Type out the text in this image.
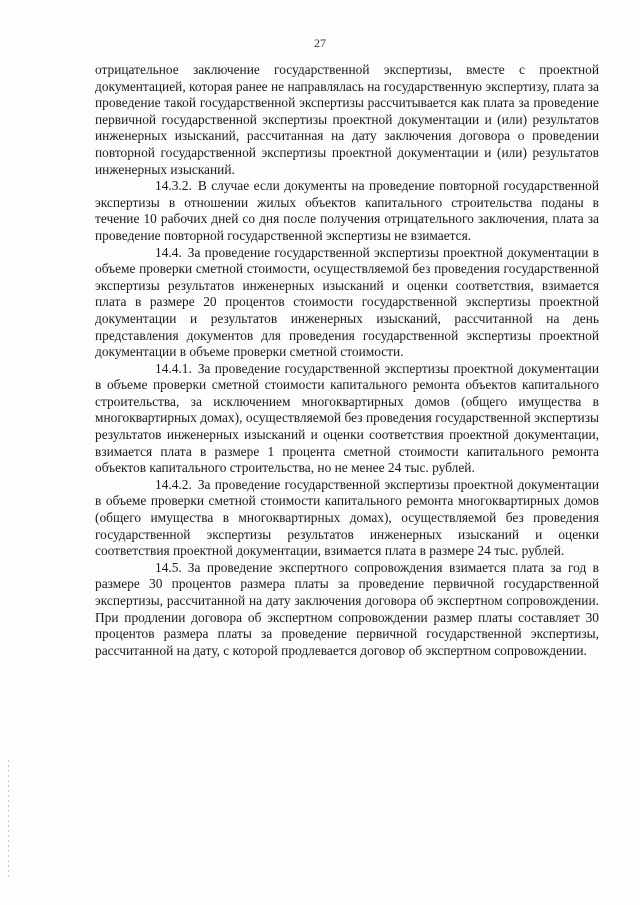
27

отрицательное заключение государственной экспертизы, вместе с проектной документацией, которая ранее не направлялась на государственную экспертизу, плата за проведение такой государственной экспертизы рассчитывается как плата за проведение первичной государственной экспертизы проектной документации и (или) результатов инженерных изысканий, рассчитанная на дату заключения договора о проведении повторной государственной экспертизы проектной документации и (или) результатов инженерных изысканий.

14.3.2. В случае если документы на проведение повторной государственной экспертизы в отношении жилых объектов капитального строительства поданы в течение 10 рабочих дней со дня после получения отрицательного заключения, плата за проведение повторной государственной экспертизы не взимается.

14.4. За проведение государственной экспертизы проектной документации в объеме проверки сметной стоимости, осуществляемой без проведения государственной экспертизы результатов инженерных изысканий и оценки соответствия, взимается плата в размере 20 процентов стоимости государственной экспертизы проектной документации и результатов инженерных изысканий, рассчитанной на день представления документов для проведения государственной экспертизы проектной документации в объеме проверки сметной стоимости.

14.4.1. За проведение государственной экспертизы проектной документации в объеме проверки сметной стоимости капитального ремонта объектов капитального строительства, за исключением многоквартирных домов (общего имущества в многоквартирных домах), осуществляемой без проведения государственной экспертизы результатов инженерных изысканий и оценки соответствия проектной документации, взимается плата в размере 1 процента сметной стоимости капитального ремонта объектов капитального строительства, но не менее 24 тыс. рублей.

14.4.2. За проведение государственной экспертизы проектной документации в объеме проверки сметной стоимости капитального ремонта многоквартирных домов (общего имущества в многоквартирных домах), осуществляемой без проведения государственной экспертизы результатов инженерных изысканий и оценки соответствия проектной документации, взимается плата в размере 24 тыс. рублей.

14.5. За проведение экспертного сопровождения взимается плата за год в размере 30 процентов размера платы за проведение первичной государственной экспертизы, рассчитанной на дату заключения договора об экспертном сопровождении. При продлении договора об экспертном сопровождении размер платы составляет 30 процентов размера платы за проведение первичной государственной экспертизы, рассчитанной на дату, с которой продлевается договор об экспертном сопровождении.
